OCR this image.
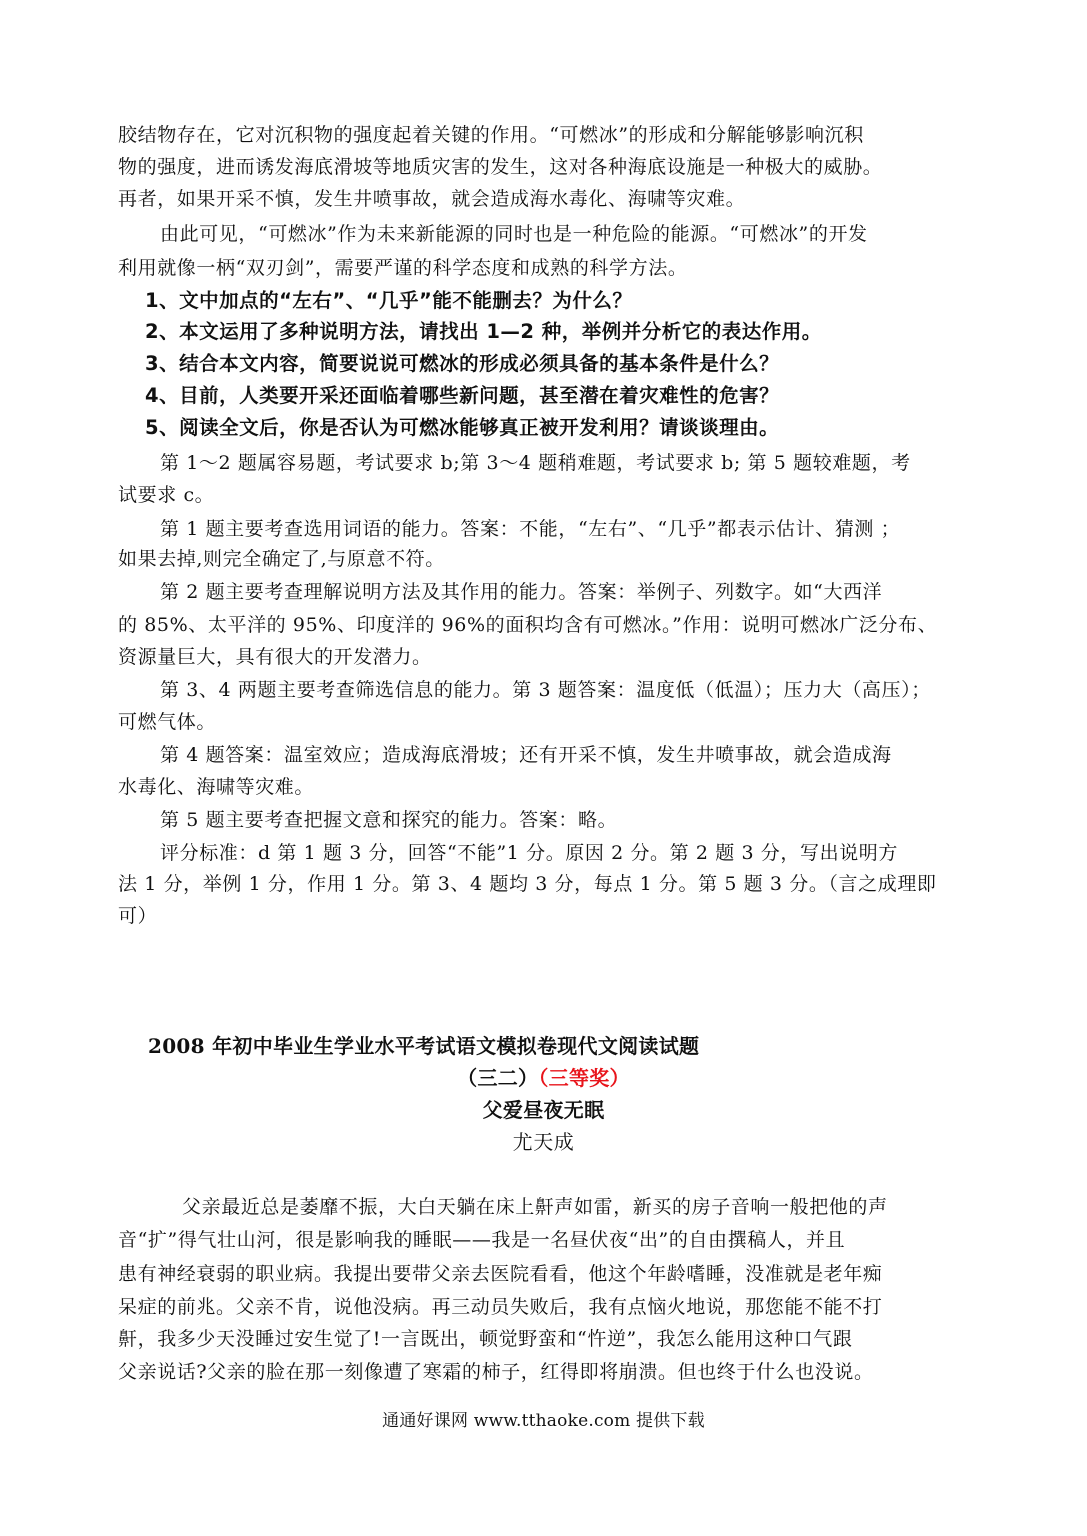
胶结物存在，它对沉积物的强度起着关键的作用。“可燃冰”的形成和分解能够影响沉积
物的强度，进而诱发海底滑坡等地质灾害的发生，这对各种海底设施是一种极大的威胁。
再者，如果开采不慎，发生井喷事故，就会造成海水毒化、海啸等灾难。
由此可见，“可燃冰”作为未来新能源的同时也是一种危险的能源。“可燃冰”的开发
利用就像一柄“双刃剑”，需要严谨的科学态度和成熟的科学方法。
1、文中加点的“左右”、“几乎”能不能删去？为什么？
2、本文运用了多种说明方法，请找出 1—2 种，举例并分析它的表达作用。
3、结合本文内容，简要说说可燃冰的形成必须具备的基本条件是什么？
4、目前，人类要开采还面临着哪些新问题，甚至潜在着灾难性的危害？
5、阅读全文后，你是否认为可燃冰能够真正被开发利用？请谈谈理由。
第 1～2 题属容易题，考试要求 b;第 3～4 题稍难题，考试要求 b; 第 5 题较难题，考
试要求 c。
第 1 题主要考查选用词语的能力。答案：不能，“左右”、“几乎”都表示估计、猜测 ；
如果去掉,则完全确定了,与原意不符。
第 2 题主要考查理解说明方法及其作用的能力。答案：举例子、列数字。如“大西洋
的 85%、太平洋的 95%、印度洋的 96%的面积均含有可燃冰。”作用：说明可燃冰广泛分布、
资源量巨大，具有很大的开发潜力。
第 3、4 两题主要考查筛选信息的能力。第 3 题答案：温度低（低温）；压力大（高压）；
可燃气体。
第 4 题答案：温室效应；造成海底滑坡；还有开采不慎，发生井喷事故，就会造成海
水毒化、海啸等灾难。
第 5 题主要考查把握文意和探究的能力。答案：略。
评分标准：d 第 1 题 3 分，回答“不能”1 分。原因 2 分。第 2 题 3 分，写出说明方
法 1 分，举例 1 分，作用 1 分。第 3、4 题均 3 分，每点 1 分。第 5 题 3 分。（言之成理即
可）
2008 年初中毕业生学业水平考试语文模拟卷现代文阅读试题
（三二）（三等奖）
父爱昼夜无眠
尤天成
父亲最近总是萎靡不振，大白天躺在床上鼾声如雷，新买的房子音响一般把他的声
音“扩”得气壮山河，很是影响我的睡眠——我是一名昼伏夜“出”的自由撰稿人，并且
患有神经衰弱的职业病。我提出要带父亲去医院看看，他这个年龄嗜睡，没准就是老年痴
呆症的前兆。父亲不肯，说他没病。再三动员失败后，我有点恼火地说，那您能不能不打
鼾，我多少天没睡过安生觉了!一言既出，顿觉野蛮和“忤逆”，我怎么能用这种口气跟
父亲说话?父亲的脸在那一刻像遭了寒霜的柿子，红得即将崩溃。但也终于什么也没说。
通通好课网 www.tthaoke.com 提供下载
